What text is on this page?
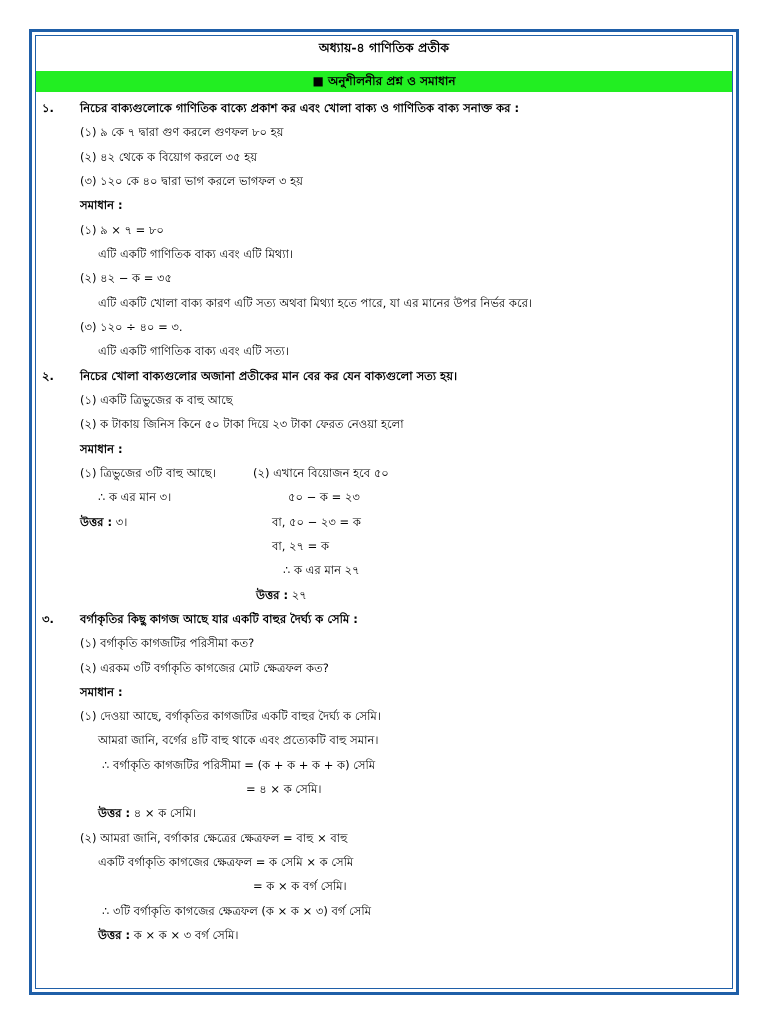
অধ্যায়-৪ গাণিতিক প্রতীক
■ অনুশীলনীর প্রশ্ন ও সমাধান
১. নিচের বাক্যগুলোকে গাণিতিক বাক্যে প্রকাশ কর এবং খোলা বাক্য ও গাণিতিক বাক্য সনাক্ত কর :
(১) ৯ কে ৭ দ্বারা গুণ করলে গুণফল ৮০ হয়
(২) ৪২ থেকে ক বিয়োগ করলে ৩৫ হয়
(৩) ১২০ কে ৪০ দ্বারা ভাগ করলে ভাগফল ৩ হয়
সমাধান :
(১) ৯ × ৭ = ৮০
এটি একটি গাণিতিক বাক্য এবং এটি মিথ্যা।
(২) ৪২ − ক = ৩৫
এটি একটি খোলা বাক্য কারণ এটি সত্য অথবা মিথ্যা হতে পারে, যা এর মানের উপর নির্ভর করে।
(৩) ১২০ ÷ ৪০ = ৩.
এটি একটি গাণিতিক বাক্য এবং এটি সত্য।
২. নিচের খোলা বাক্যগুলোর অজানা প্রতীকের মান বের কর যেন বাক্যগুলো সত্য হয়।
(১) একটি ত্রিভুজের ক বাহু আছে
(২) ক টাকায় জিনিস কিনে ৫০ টাকা দিয়ে ২৩ টাকা ফেরত নেওয়া হলো
সমাধান :
(১) ত্রিভুজের ৩টি বাহু আছে।	(২) এখানে বিয়োজন হবে ৫০
∴ ক এর মান ৩।	৫০ − ক = ২৩
উত্তর : ৩।	বা, ৫০ − ২৩ = ক
বা, ২৭ = ক
∴ ক এর মান ২৭
উত্তর : ২৭
৩. বর্গাকৃতির কিছু কাগজ আছে যার একটি বাহুর দৈর্ঘ্য ক সেমি :
(১) বর্গাকৃতি কাগজটির পরিসীমা কত?
(২) এরকম ৩টি বর্গাকৃতি কাগজের মোট ক্ষেত্রফল কত?
সমাধান :
(১) দেওয়া আছে, বর্গাকৃতির কাগজটির একটি বাহুর দৈর্ঘ্য ক সেমি।
আমরা জানি, বর্গের ৪টি বাহু থাকে এবং প্রত্যেকটি বাহু সমান।
∴ বর্গাকৃতি কাগজটির পরিসীমা = (ক + ক + ক + ক) সেমি
= ৪ × ক সেমি।
উত্তর : ৪ × ক সেমি।
(২) আমরা জানি, বর্গাকার ক্ষেত্রের ক্ষেত্রফল = বাহু × বাহু
একটি বর্গাকৃতি কাগজের ক্ষেত্রফল = ক সেমি × ক সেমি
= ক × ক বর্গ সেমি।
∴ ৩টি বর্গাকৃতি কাগজের ক্ষেত্রফল (ক × ক × ৩) বর্গ সেমি
উত্তর : ক × ক × ৩ বর্গ সেমি।
